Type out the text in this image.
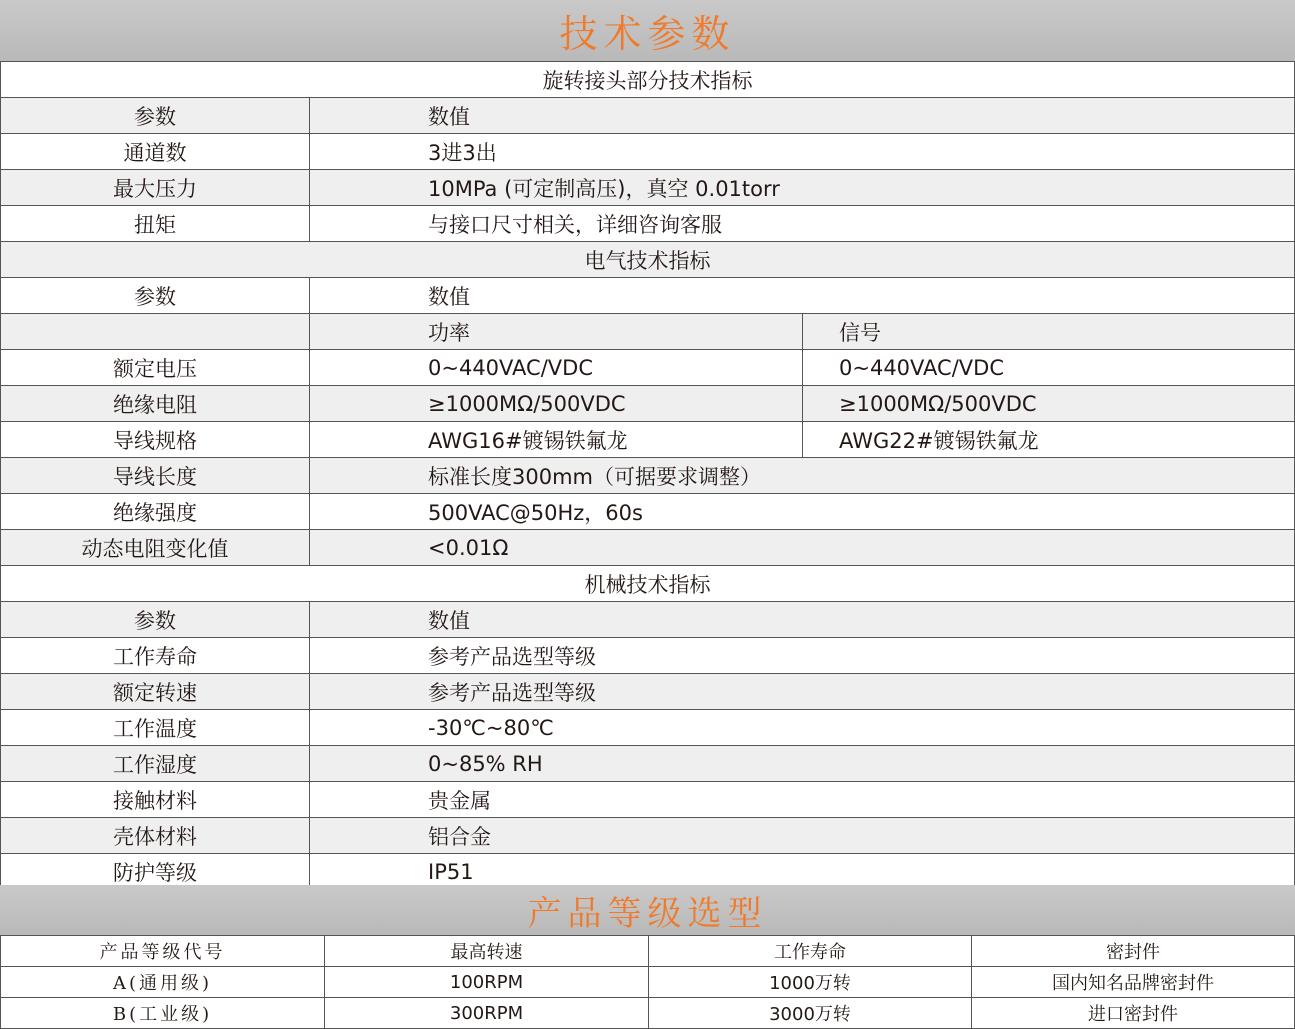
技术参数
旋转接头部分技术指标		
参数	数值	
通道数	3进3出	
最大压力	10MPa (可定制高压)，真空 0.01torr	
扭矩	与接口尺寸相关，详细咨询客服	
电气技术指标		
参数	数值	
	功率	信号
额定电压	0~440VAC/VDC	0~440VAC/VDC
绝缘电阻	≥1000MΩ/500VDC	≥1000MΩ/500VDC
导线规格	AWG16#镀锡铁氟龙	AWG22#镀锡铁氟龙
导线长度	标准长度300mm（可据要求调整）	
绝缘强度	500VAC@50Hz，60s	
动态电阻变化值	<0.01Ω	
机械技术指标		
参数	数值	
工作寿命	参考产品选型等级	
额定转速	参考产品选型等级	
工作温度	-30℃~80℃	
工作湿度	0~85% RH	
接触材料	贵金属	
壳体材料	铝合金	
防护等级	IP51	
产品等级选型
产品等级代号	最高转速	工作寿命	密封件
A(通用级)	100RPM	1000万转	国内知名品牌密封件
B(工业级)	300RPM	3000万转	进口密封件
